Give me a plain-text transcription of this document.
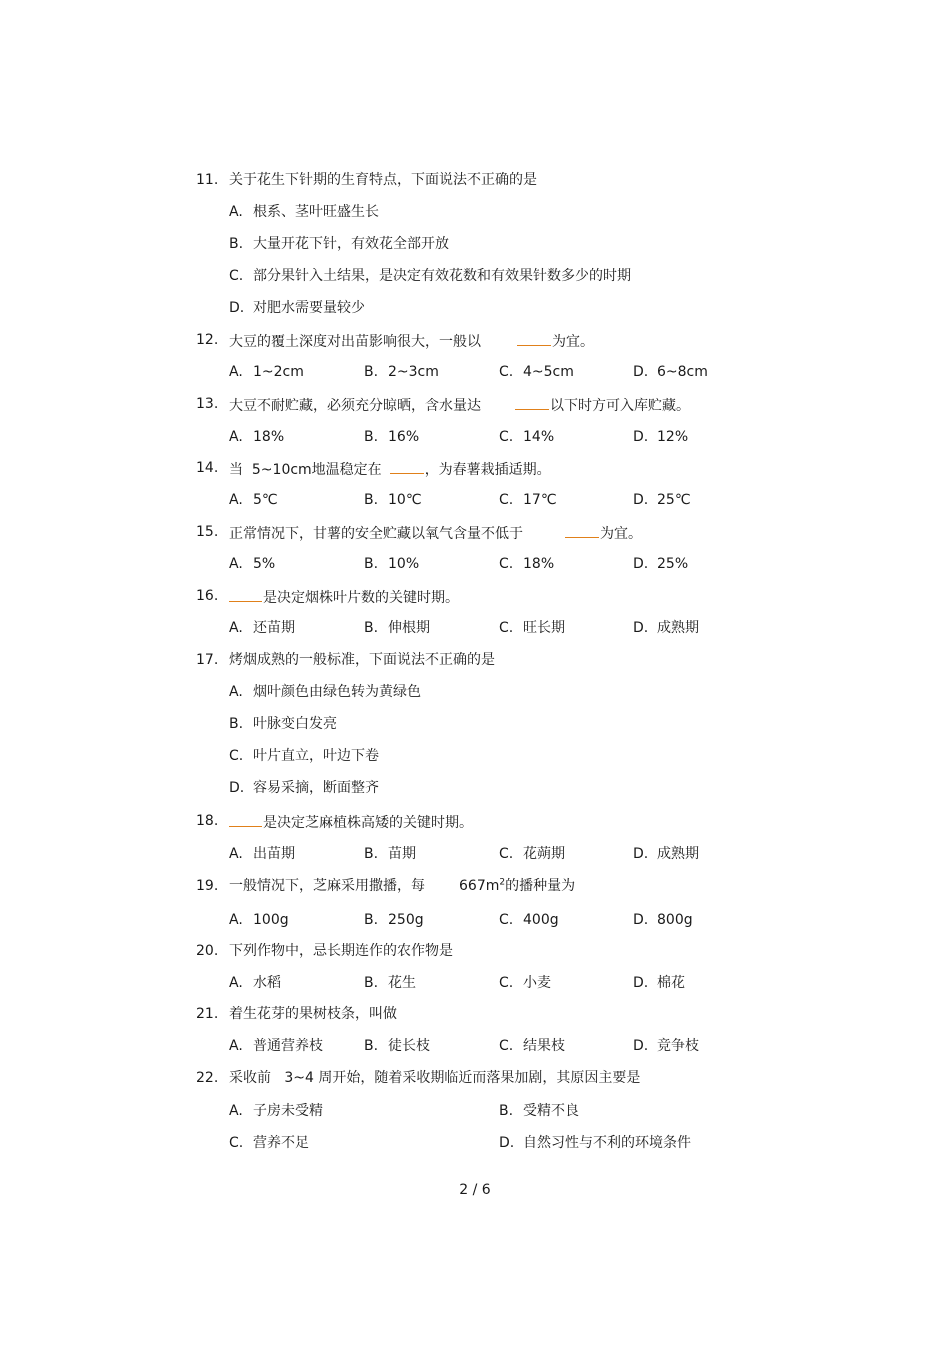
11. 关于花生下针期的生育特点，下面说法不正确的是
A. 根系、茎叶旺盛生长
B. 大量开花下针，有效花全部开放
C. 部分果针入土结果，是决定有效花数和有效果针数多少的时期
D. 对肥水需要量较少
12. 大豆的覆土深度对出苗影响很大，一般以	为宜。
A. 1~2cm	B. 2~3cm	C. 4~5cm	D. 6~8cm
13. 大豆不耐贮藏，必须充分晾晒，含水量达	以下时方可入库贮藏。
A. 18%	B. 16%	C. 14%	D. 12%
14. 当  5~10cm地温稳定在	，为春薯栽插适期。
A. 5℃	B. 10℃	C. 17℃	D. 25℃
15. 正常情况下，甘薯的安全贮藏以氧气含量不低于	为宜。
A. 5%	B. 10%	C. 18%	D. 25%
16.	是决定烟株叶片数的关键时期。
A. 还苗期	B. 伸根期	C. 旺长期	D. 成熟期
17. 烤烟成熟的一般标准，下面说法不正确的是
A. 烟叶颜色由绿色转为黄绿色
B. 叶脉变白发亮
C. 叶片直立，叶边下卷
D. 容易采摘，断面整齐
18.	是决定芝麻植株高矮的关键时期。
A. 出苗期	B. 苗期	C. 花蒴期	D. 成熟期
19. 一般情况下，芝麻采用撒播，每 $667m^2$的播种量为
A. 100g	B. 250g	C. 400g	D. 800g
20. 下列作物中，忌长期连作的农作物是
A. 水稻	B. 花生	C. 小麦	D. 棉花
21. 着生花芽的果树枝条，叫做
A. 普通营养枝	B. 徒长枝	C. 结果枝	D. 竞争枝
22. 采收前   3~4 周开始，随着采收期临近而落果加剧，其原因主要是
A. 子房未受精	B. 受精不良
C. 营养不足	D. 自然习性与不利的环境条件
2 / 6
